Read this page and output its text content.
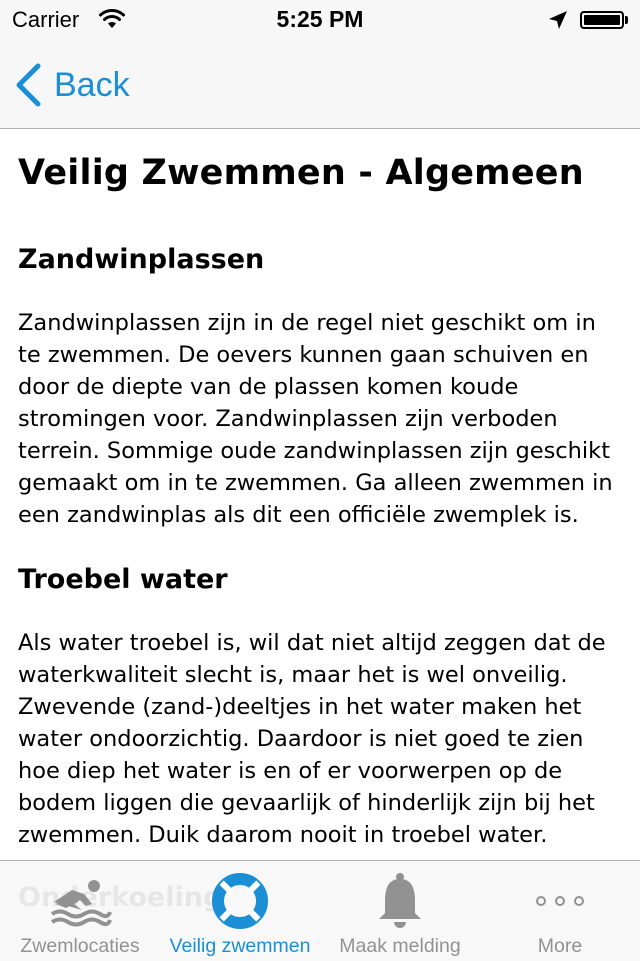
Carrier	5:25 PM
Back
Veilig Zwemmen - Algemeen
Zandwinplassen

Zandwinplassen zijn in de regel niet geschikt om in te zwemmen. De oevers kunnen gaan schuiven en door de diepte van de plassen komen koude stromingen voor. Zandwinplassen zijn verboden terrein. Sommige oude zandwinplassen zijn geschikt gemaakt om in te zwemmen. Ga alleen zwemmen in een zandwinplas als dit een officiële zwemplek is.

Troebel water

Als water troebel is, wil dat niet altijd zeggen dat de waterkwaliteit slecht is, maar het is wel onveilig. Zwevende (zand-)deeltjes in het water maken het water ondoorzichtig. Daardoor is niet goed te zien hoe diep het water is en of er voorwerpen op de bodem liggen die gevaarlijk of hinderlijk zijn bij het zwemmen. Duik daarom nooit in troebel water.

Zwemlocaties	Veilig zwemmen	Maak melding	More
